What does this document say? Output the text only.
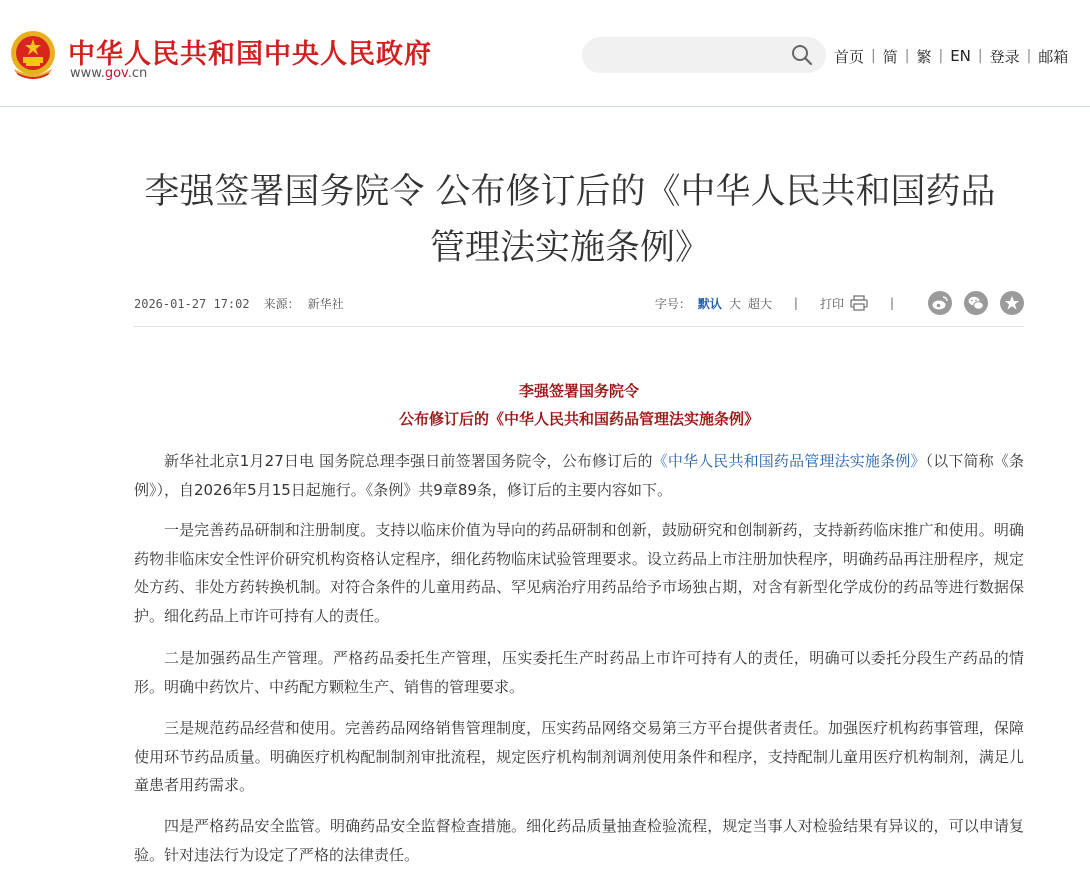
中华人民共和国中央人民政府
www.gov.cn
首页 | 简 | 繁 | EN | 登录 | 邮箱
李强签署国务院令 公布修订后的《中华人民共和国药品
管理法实施条例》
2026-01-27 17:02 来源： 新华社	字号： 默认 大 超大 | 打印	|
李强签署国务院令
公布修订后的《中华人民共和国药品管理法实施条例》

新华社北京1月27日电 国务院总理李强日前签署国务院令，公布修订后的《中华人民共和国药品管理法实施条例》（以下简称《条例》），自2026年5月15日起施行。《条例》共9章89条，修订后的主要内容如下。

一是完善药品研制和注册制度。支持以临床价值为导向的药品研制和创新，鼓励研究和创制新药，支持新药临床推广和使用。明确药物非临床安全性评价研究机构资格认定程序，细化药物临床试验管理要求。设立药品上市注册加快程序，明确药品再注册程序，规定处方药、非处方药转换机制。对符合条件的儿童用药品、罕见病治疗用药品给予市场独占期，对含有新型化学成份的药品等进行数据保护。细化药品上市许可持有人的责任。

二是加强药品生产管理。严格药品委托生产管理，压实委托生产时药品上市许可持有人的责任，明确可以委托分段生产药品的情形。明确中药饮片、中药配方颗粒生产、销售的管理要求。

三是规范药品经营和使用。完善药品网络销售管理制度，压实药品网络交易第三方平台提供者责任。加强医疗机构药事管理，保障使用环节药品质量。明确医疗机构配制制剂审批流程，规定医疗机构制剂调剂使用条件和程序，支持配制儿童用医疗机构制剂，满足儿童患者用药需求。

四是严格药品安全监管。明确药品安全监督检查措施。细化药品质量抽查检验流程，规定当事人对检验结果有异议的，可以申请复验。针对违法行为设定了严格的法律责任。
